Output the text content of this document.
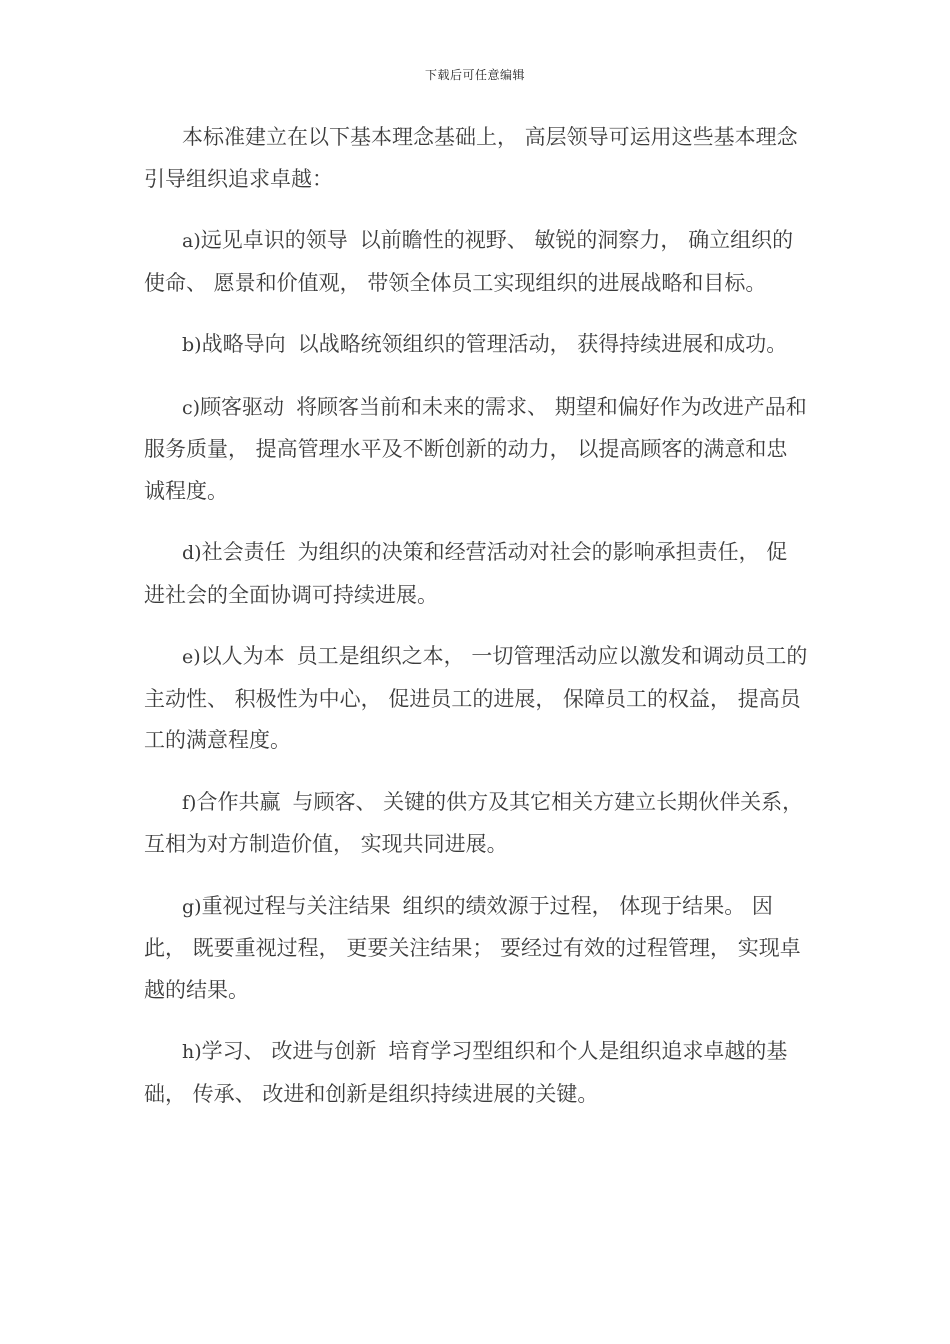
下载后可任意编辑

本标准建立在以下基本理念基础上， 高层领导可运用这些基本理念引导组织追求卓越：

a)远见卓识的领导 以前瞻性的视野、 敏锐的洞察力， 确立组织的使命、 愿景和价值观， 带领全体员工实现组织的进展战略和目标。

b)战略导向 以战略统领组织的管理活动， 获得持续进展和成功。

c)顾客驱动 将顾客当前和未来的需求、 期望和偏好作为改进产品和服务质量， 提高管理水平及不断创新的动力， 以提高顾客的满意和忠诚程度。

d)社会责任 为组织的决策和经营活动对社会的影响承担责任， 促进社会的全面协调可持续进展。

e)以人为本 员工是组织之本， 一切管理活动应以激发和调动员工的主动性、 积极性为中心， 促进员工的进展， 保障员工的权益， 提高员工的满意程度。

f)合作共赢 与顾客、 关键的供方及其它相关方建立长期伙伴关系， 互相为对方制造价值， 实现共同进展。

g)重视过程与关注结果 组织的绩效源于过程， 体现于结果。 因此， 既要重视过程， 更要关注结果； 要经过有效的过程管理， 实现卓越的结果。

h)学习、 改进与创新 培育学习型组织和个人是组织追求卓越的基础， 传承、 改进和创新是组织持续进展的关键。
